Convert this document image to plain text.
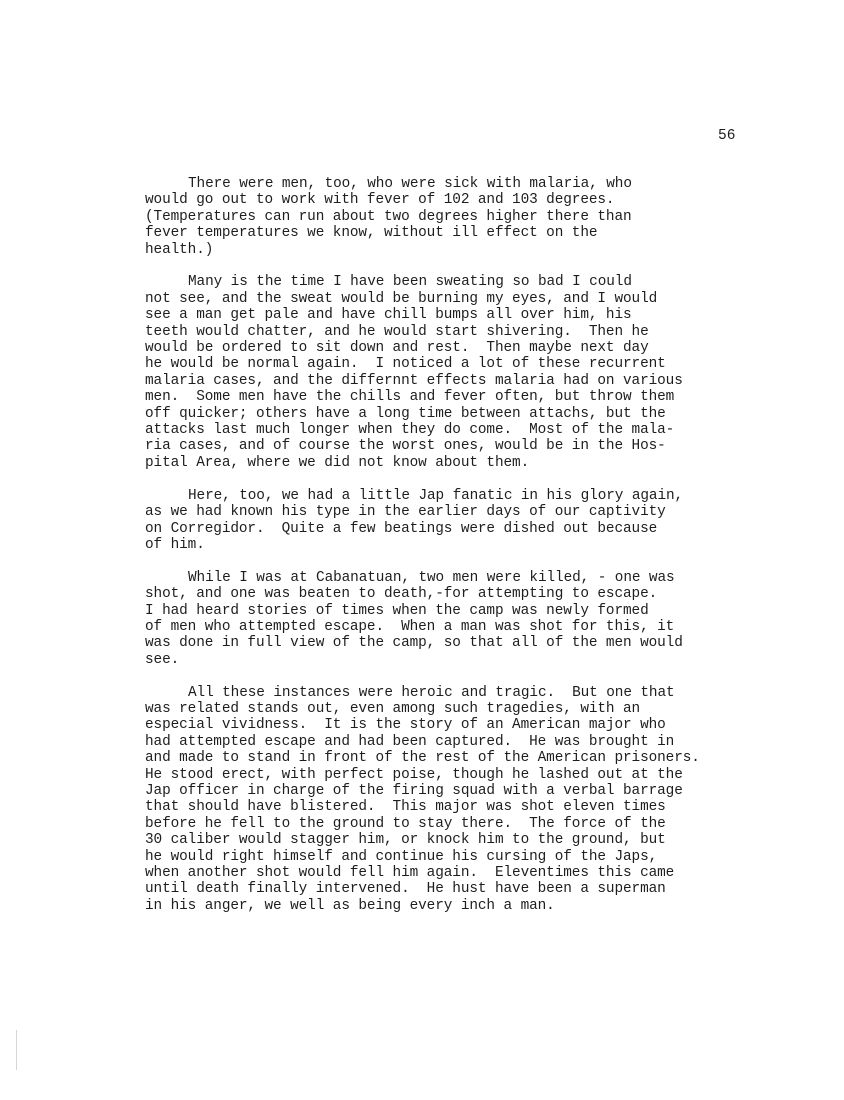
56
There were men, too, who were sick with malaria, who
would go out to work with fever of 102 and 103 degrees.
(Temperatures can run about two degrees higher there than
fever temperatures we know, without ill effect on the
health.)
Many is the time I have been sweating so bad I could
not see, and the sweat would be burning my eyes, and I would
see a man get pale and have chill bumps all over him, his
teeth would chatter, and he would start shivering.  Then he
would be ordered to sit down and rest.  Then maybe next day
he would be normal again.  I noticed a lot of these recurrent
malaria cases, and the differnnt effects malaria had on various
men.  Some men have the chills and fever often, but throw them
off quicker; others have a long time between attachs, but the
attacks last much longer when they do come.  Most of the mala-
ria cases, and of course the worst ones, would be in the Hos-
pital Area, where we did not know about them.
Here, too, we had a little Jap fanatic in his glory again,
as we had known his type in the earlier days of our captivity
on Corregidor.  Quite a few beatings were dished out because
of him.
While I was at Cabanatuan, two men were killed, - one was
shot, and one was beaten to death,-for attempting to escape.
I had heard stories of times when the camp was newly formed
of men who attempted escape.  When a man was shot for this, it
was done in full view of the camp, so that all of the men would
see.
All these instances were heroic and tragic.  But one that
was related stands out, even among such tragedies, with an
especial vividness.  It is the story of an American major who
had attempted escape and had been captured.  He was brought in
and made to stand in front of the rest of the American prisoners.
He stood erect, with perfect poise, though he lashed out at the
Jap officer in charge of the firing squad with a verbal barrage
that should have blistered.  This major was shot eleven times
before he fell to the ground to stay there.  The force of the
30 caliber would stagger him, or knock him to the ground, but
he would right himself and continue his cursing of the Japs,
when another shot would fell him again.  Eleventimes this came
until death finally intervened.  He hust have been a superman
in his anger, we well as being every inch a man.
